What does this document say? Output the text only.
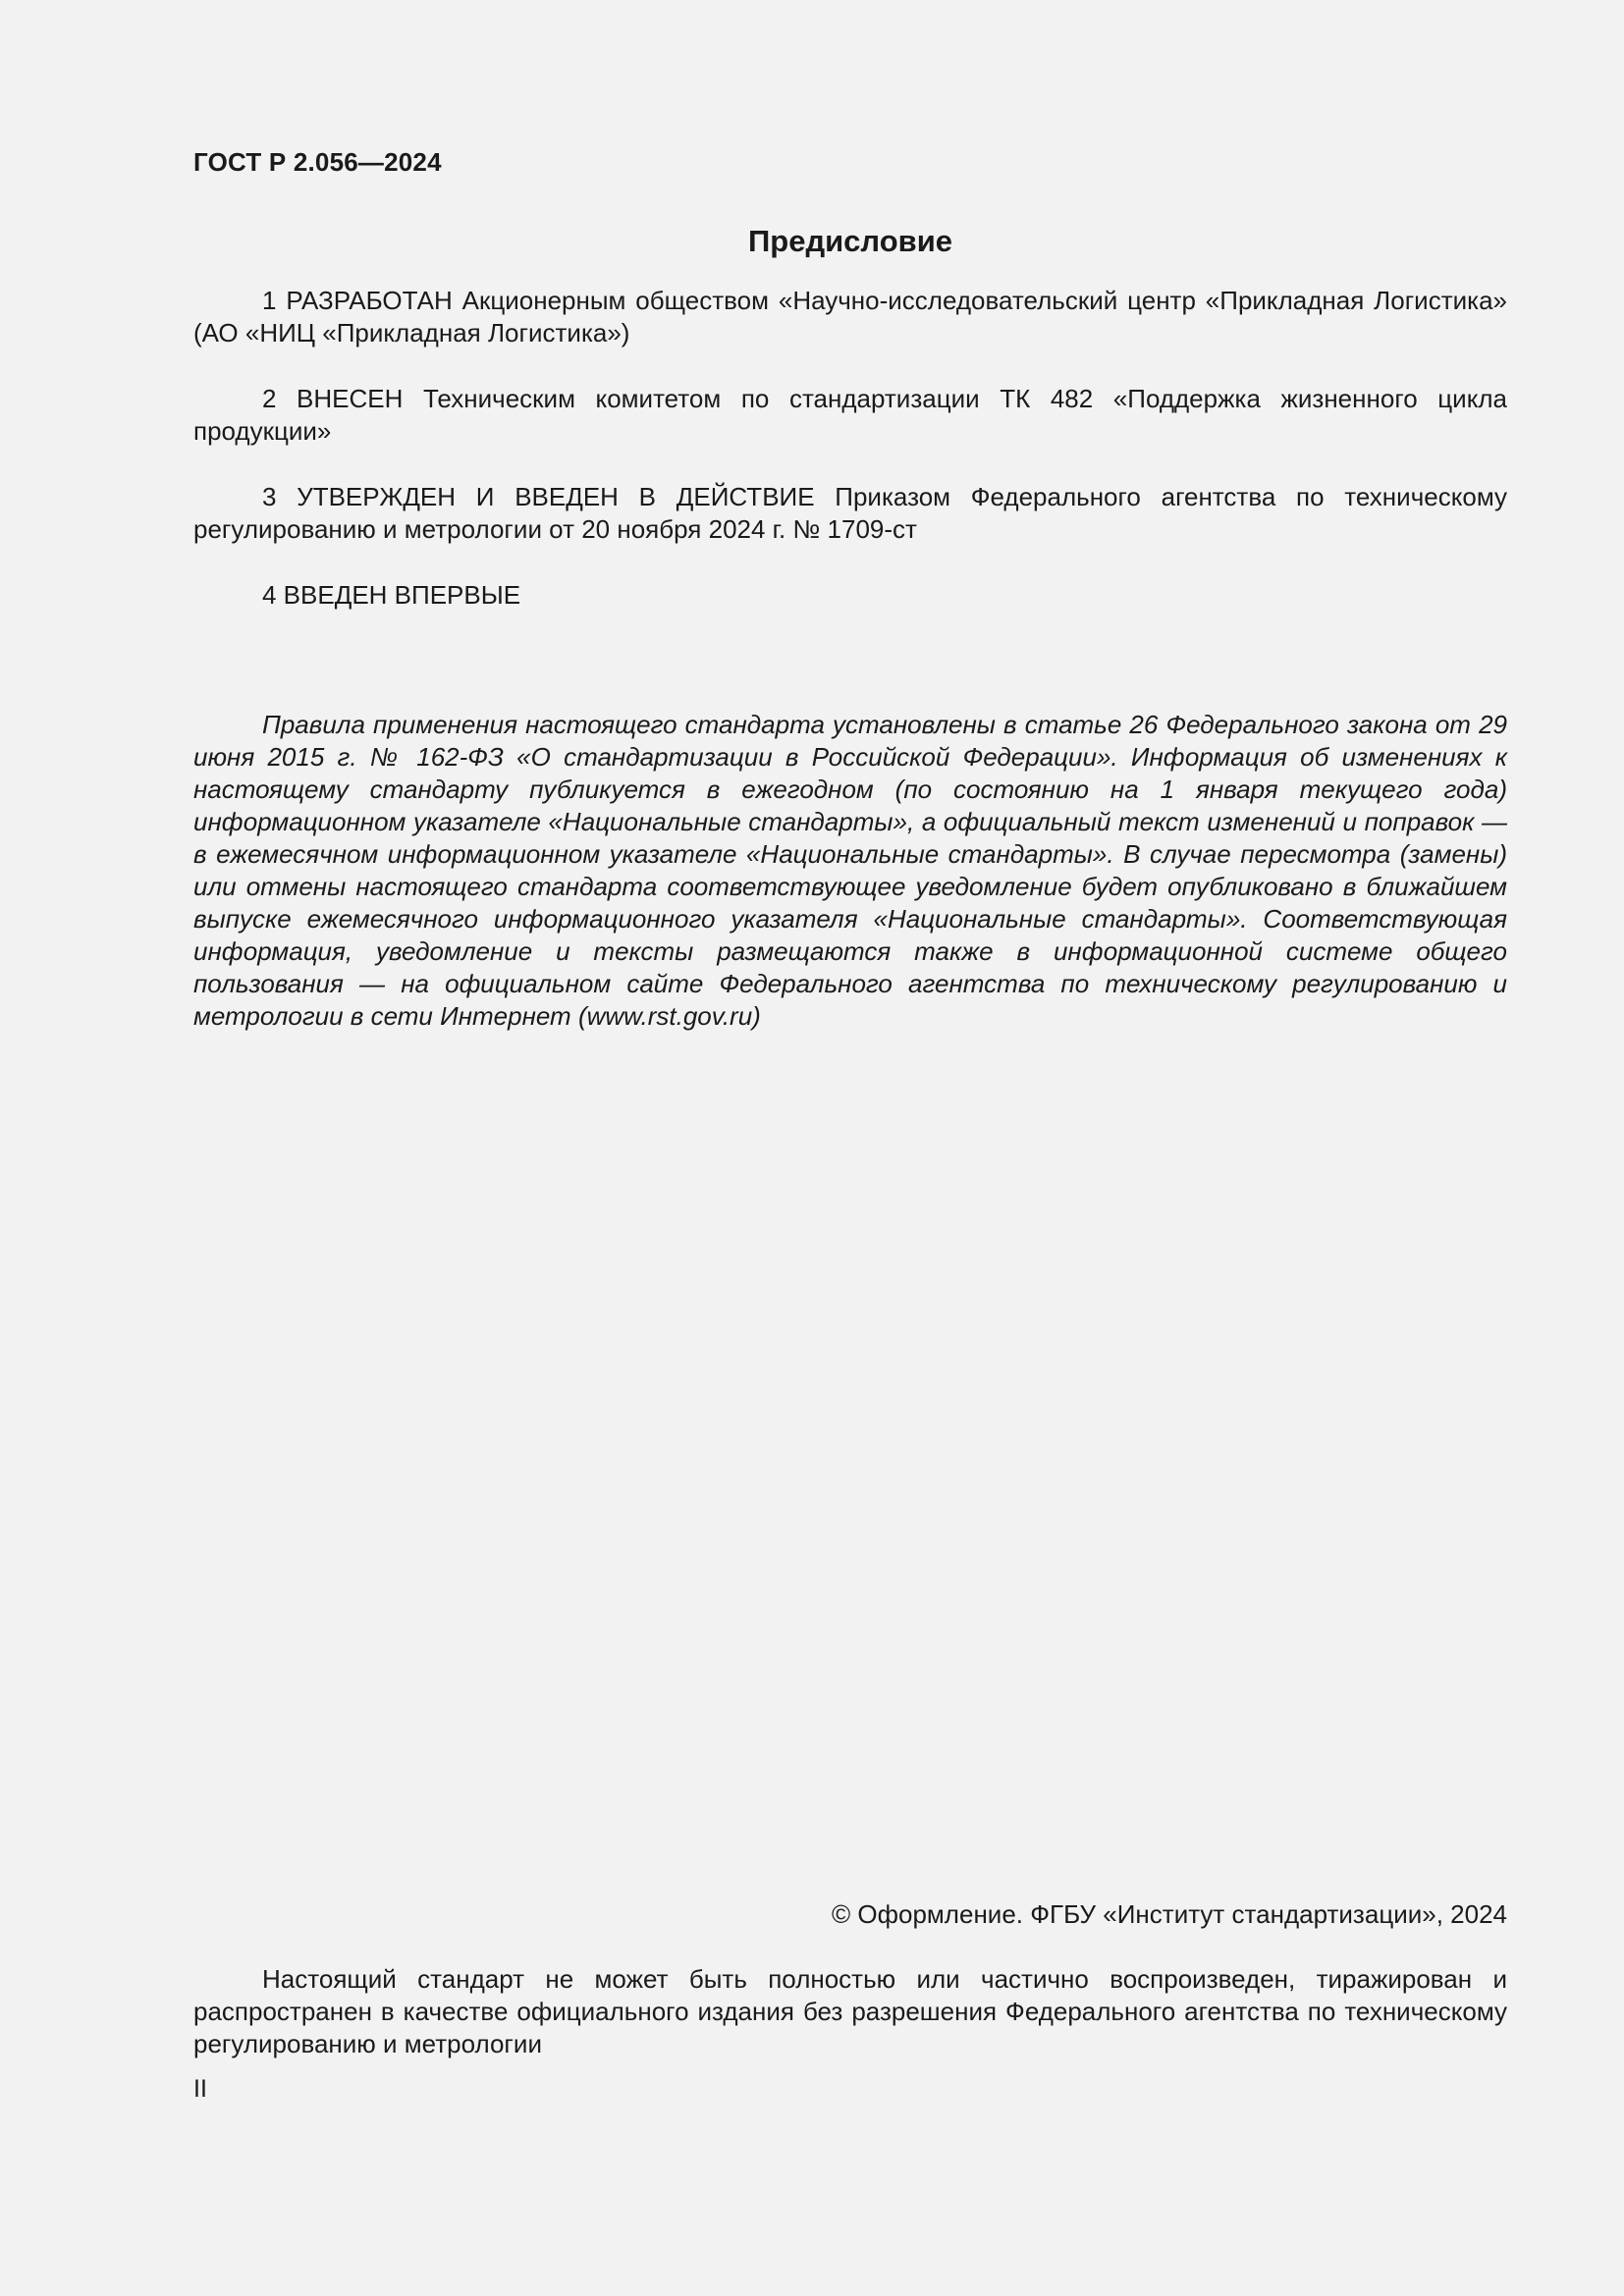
ГОСТ Р 2.056—2024
Предисловие

1 РАЗРАБОТАН Акционерным обществом «Научно-исследовательский центр «Прикладная Логистика» (АО «НИЦ «Прикладная Логистика»)

2 ВНЕСЕН Техническим комитетом по стандартизации ТК 482 «Поддержка жизненного цикла продукции»

3 УТВЕРЖДЕН И ВВЕДЕН В ДЕЙСТВИЕ Приказом Федерального агентства по техническому регулированию и метрологии от 20 ноября 2024 г. № 1709-ст

4 ВВЕДЕН ВПЕРВЫЕ

Правила применения настоящего стандарта установлены в статье 26 Федерального закона от 29 июня 2015 г. № 162-ФЗ «О стандартизации в Российской Федерации». Информация об изменениях к настоящему стандарту публикуется в ежегодном (по состоянию на 1 января текущего года) информационном указателе «Национальные стандарты», а официальный текст изменений и поправок — в ежемесячном информационном указателе «Национальные стандарты». В случае пересмотра (замены) или отмены настоящего стандарта соответствующее уведомление будет опубликовано в ближайшем выпуске ежемесячного информационного указателя «Национальные стандарты». Соответствующая информация, уведомление и тексты размещаются также в информационной системе общего пользования — на официальном сайте Федерального агентства по техническому регулированию и метрологии в сети Интернет (www.rst.gov.ru)

© Оформление. ФГБУ «Институт стандартизации», 2024

Настоящий стандарт не может быть полностью или частично воспроизведен, тиражирован и распространен в качестве официального издания без разрешения Федерального агентства по техническому регулированию и метрологии

II
